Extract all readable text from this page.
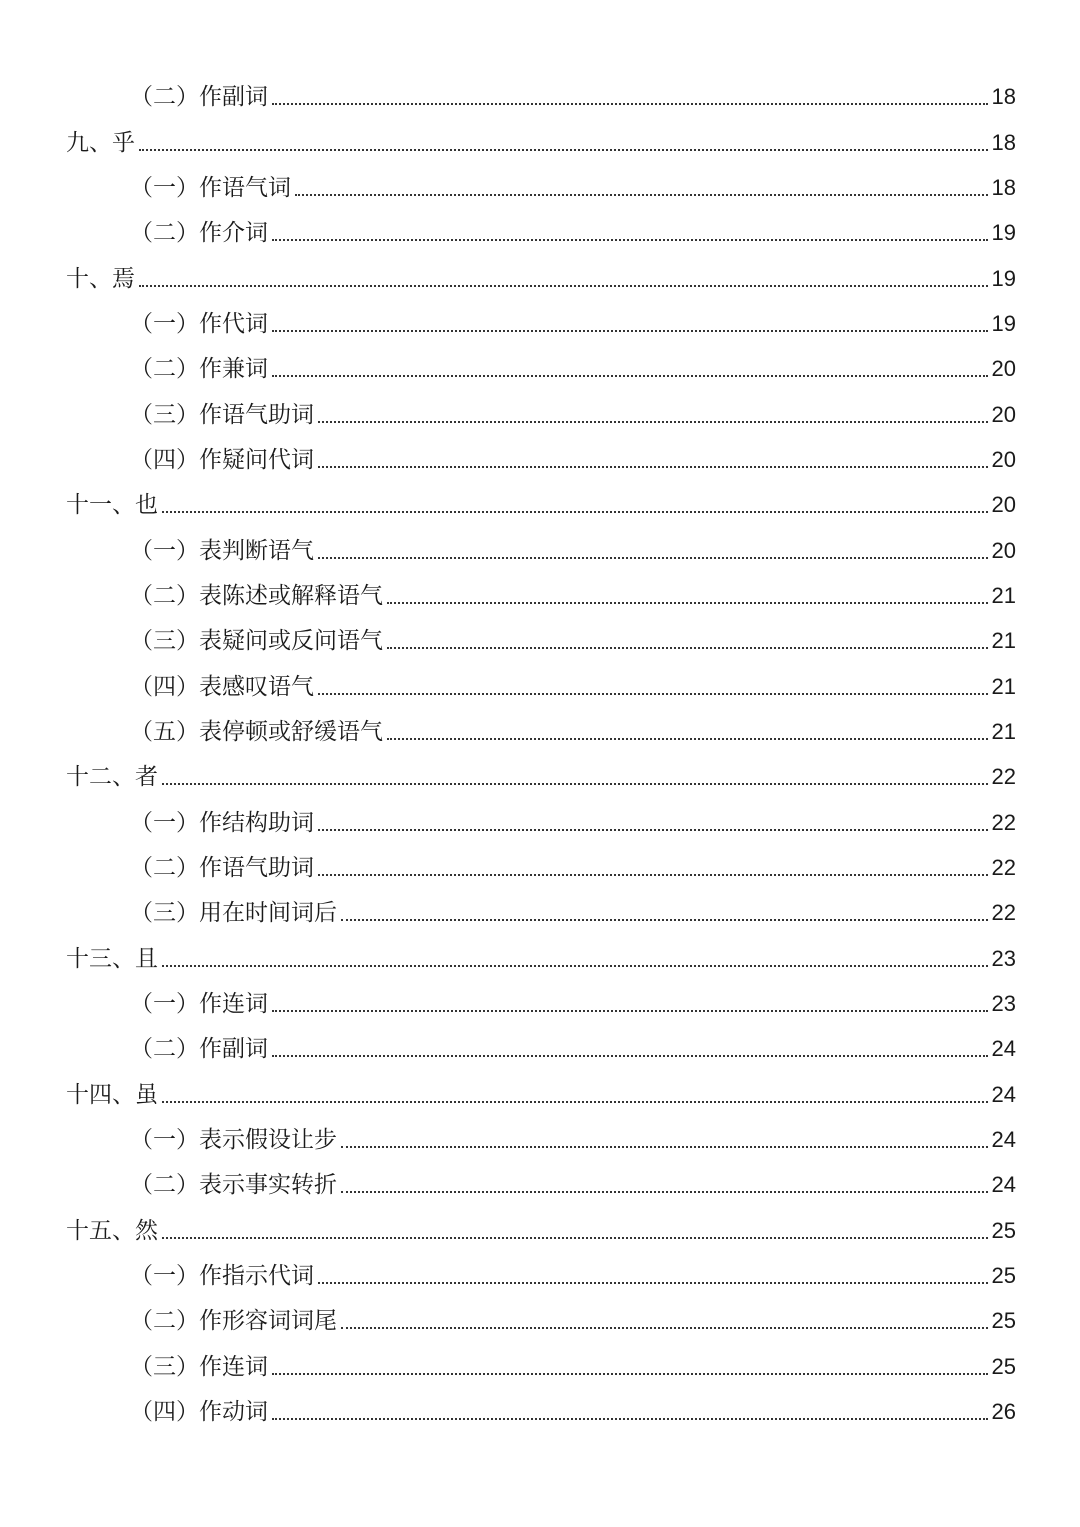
（二）作副词	18
九、乎	18
（一）作语气词	18
（二）作介词	19
十、焉	19
（一）作代词	19
（二）作兼词	20
（三）作语气助词	20
（四）作疑问代词	20
十一、也	20
（一）表判断语气	20
（二）表陈述或解释语气	21
（三）表疑问或反问语气	21
（四）表感叹语气	21
（五）表停顿或舒缓语气	21
十二、者	22
（一）作结构助词	22
（二）作语气助词	22
（三）用在时间词后	22
十三、且	23
（一）作连词	23
（二）作副词	24
十四、虽	24
（一）表示假设让步	24
（二）表示事实转折	24
十五、然	25
（一）作指示代词	25
（二）作形容词词尾	25
（三）作连词	25
（四）作动词	26
